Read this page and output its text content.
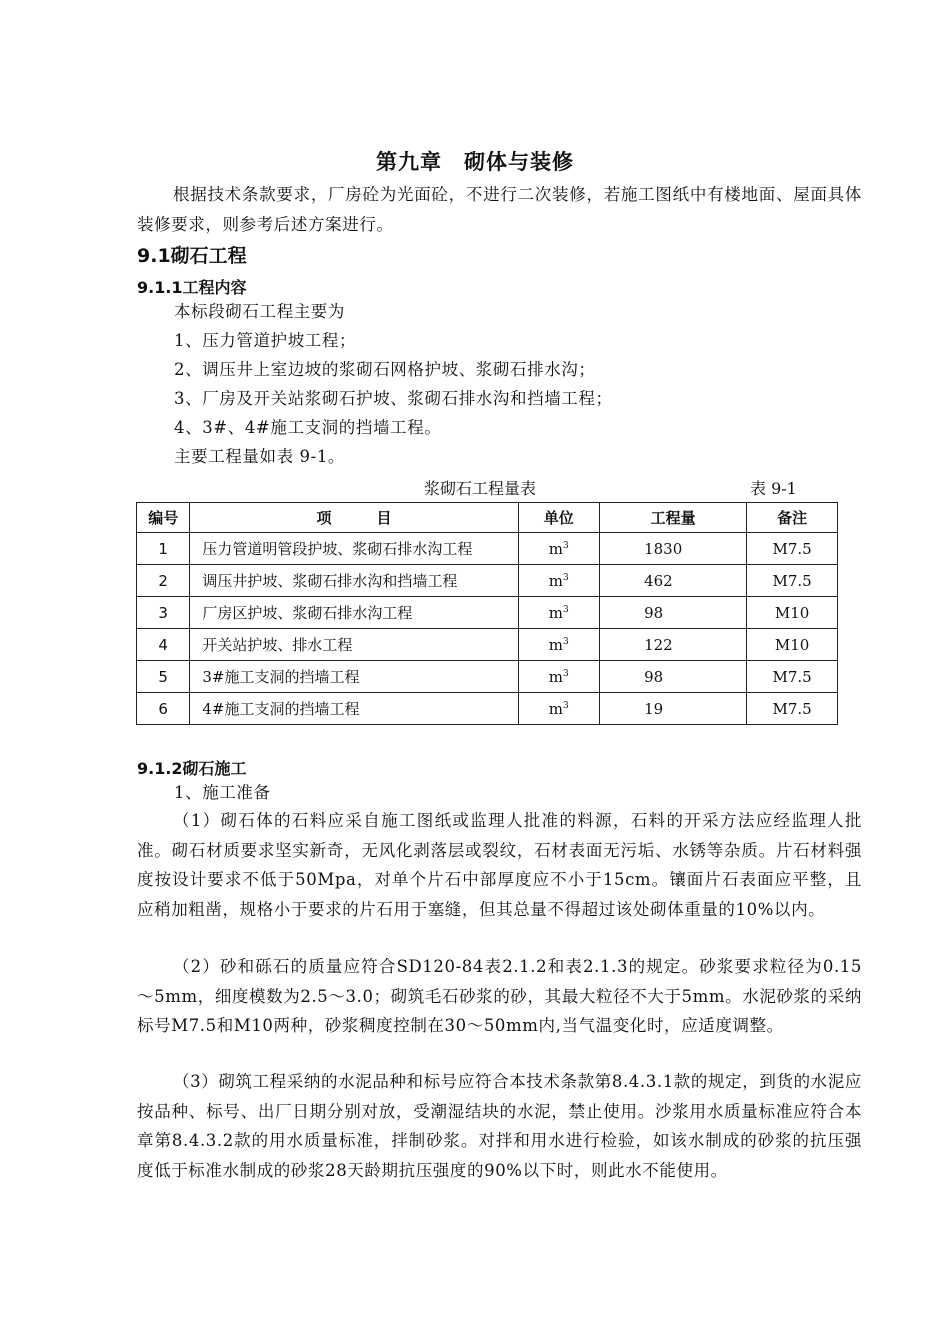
第九章　砌体与装修
根据技术条款要求，厂房砼为光面砼，不进行二次装修，若施工图纸中有楼地面、屋面具体装修要求，则参考后述方案进行。
9.1砌石工程
9.1.1工程内容
本标段砌石工程主要为
1、压力管道护坡工程；
2、调压井上室边坡的浆砌石网格护坡、浆砌石排水沟；
3、厂房及开关站浆砌石护坡、浆砌石排水沟和挡墙工程；
4、3#、4#施工支洞的挡墙工程。
主要工程量如表 9-1。
浆砌石工程量表	表 9-1
编号	项　　　目	单位	工程量	备注
1	压力管道明管段护坡、浆砌石排水沟工程	$m^3$	1830	M7.5
2	调压井护坡、浆砌石排水沟和挡墙工程	$m^3$	462	M7.5
3	厂房区护坡、浆砌石排水沟工程	$m^3$	98	M10
4	开关站护坡、排水工程	$m^3$	122	M10
5	3#施工支洞的挡墙工程	$m^3$	98	M7.5
6	4#施工支洞的挡墙工程	$m^3$	19	M7.5
9.1.2砌石施工
1、施工准备
（1）砌石体的石料应采自施工图纸或监理人批准的料源，石料的开采方法应经监理人批准。砌石材质要求坚实新奇，无风化剥落层或裂纹，石材表面无污垢、水锈等杂质。片石材料强度按设计要求不低于50Mpa，对单个片石中部厚度应不小于15cm。镶面片石表面应平整，且应稍加粗凿，规格小于要求的片石用于塞缝，但其总量不得超过该处砌体重量的10%以内。
（2）砂和砾石的质量应符合SD120-84表2.1.2和表2.1.3的规定。砂浆要求粒径为0.15～5mm，细度模数为2.5～3.0；砌筑毛石砂浆的砂，其最大粒径不大于5mm。水泥砂浆的采纳标号M7.5和M10两种，砂浆稠度控制在30～50mm内,当气温变化时，应适度调整。
（3）砌筑工程采纳的水泥品种和标号应符合本技术条款第8.4.3.1款的规定，到货的水泥应按品种、标号、出厂日期分别对放，受潮湿结块的水泥，禁止使用。沙浆用水质量标准应符合本章第8.4.3.2款的用水质量标准，拌制砂浆。对拌和用水进行检验，如该水制成的砂浆的抗压强度低于标准水制成的砂浆28天龄期抗压强度的90%以下时，则此水不能使用。
